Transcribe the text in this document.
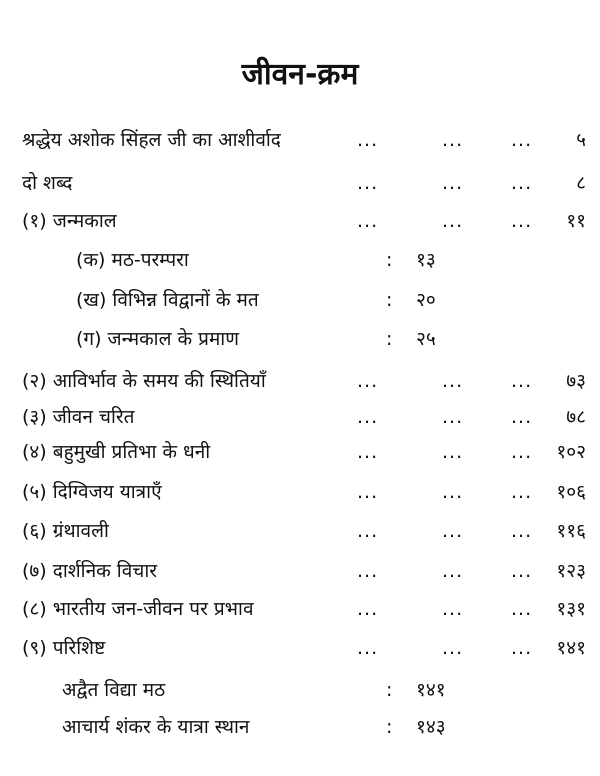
जीवन-क्रम
श्रद्धेय अशोक सिंहल जी का आशीर्वाद	...	...	... ५
दो शब्द	...	...	... ८
(१) जन्मकाल	...	...	... ११
(क) मठ-परम्परा	: १३
(ख) विभिन्न विद्वानों के मत	: २०
(ग) जन्मकाल के प्रमाण	: २५
(२) आविर्भाव के समय की स्थितियाँ	...	...	... ७३
(३) जीवन चरित	...	...	... ७८
(४) बहुमुखी प्रतिभा के धनी	...	...	... १०२
(५) दिग्विजय यात्राएँ	...	...	... १०६
(६) ग्रंथावली	...	...	... ११६
(७) दार्शनिक विचार	...	...	... १२३
(८) भारतीय जन-जीवन पर प्रभाव	...	...	... १३१
(९) परिशिष्ट	...	...	... १४१
अद्वैत विद्या मठ	: १४१
आचार्य शंकर के यात्रा स्थान	: १४३
